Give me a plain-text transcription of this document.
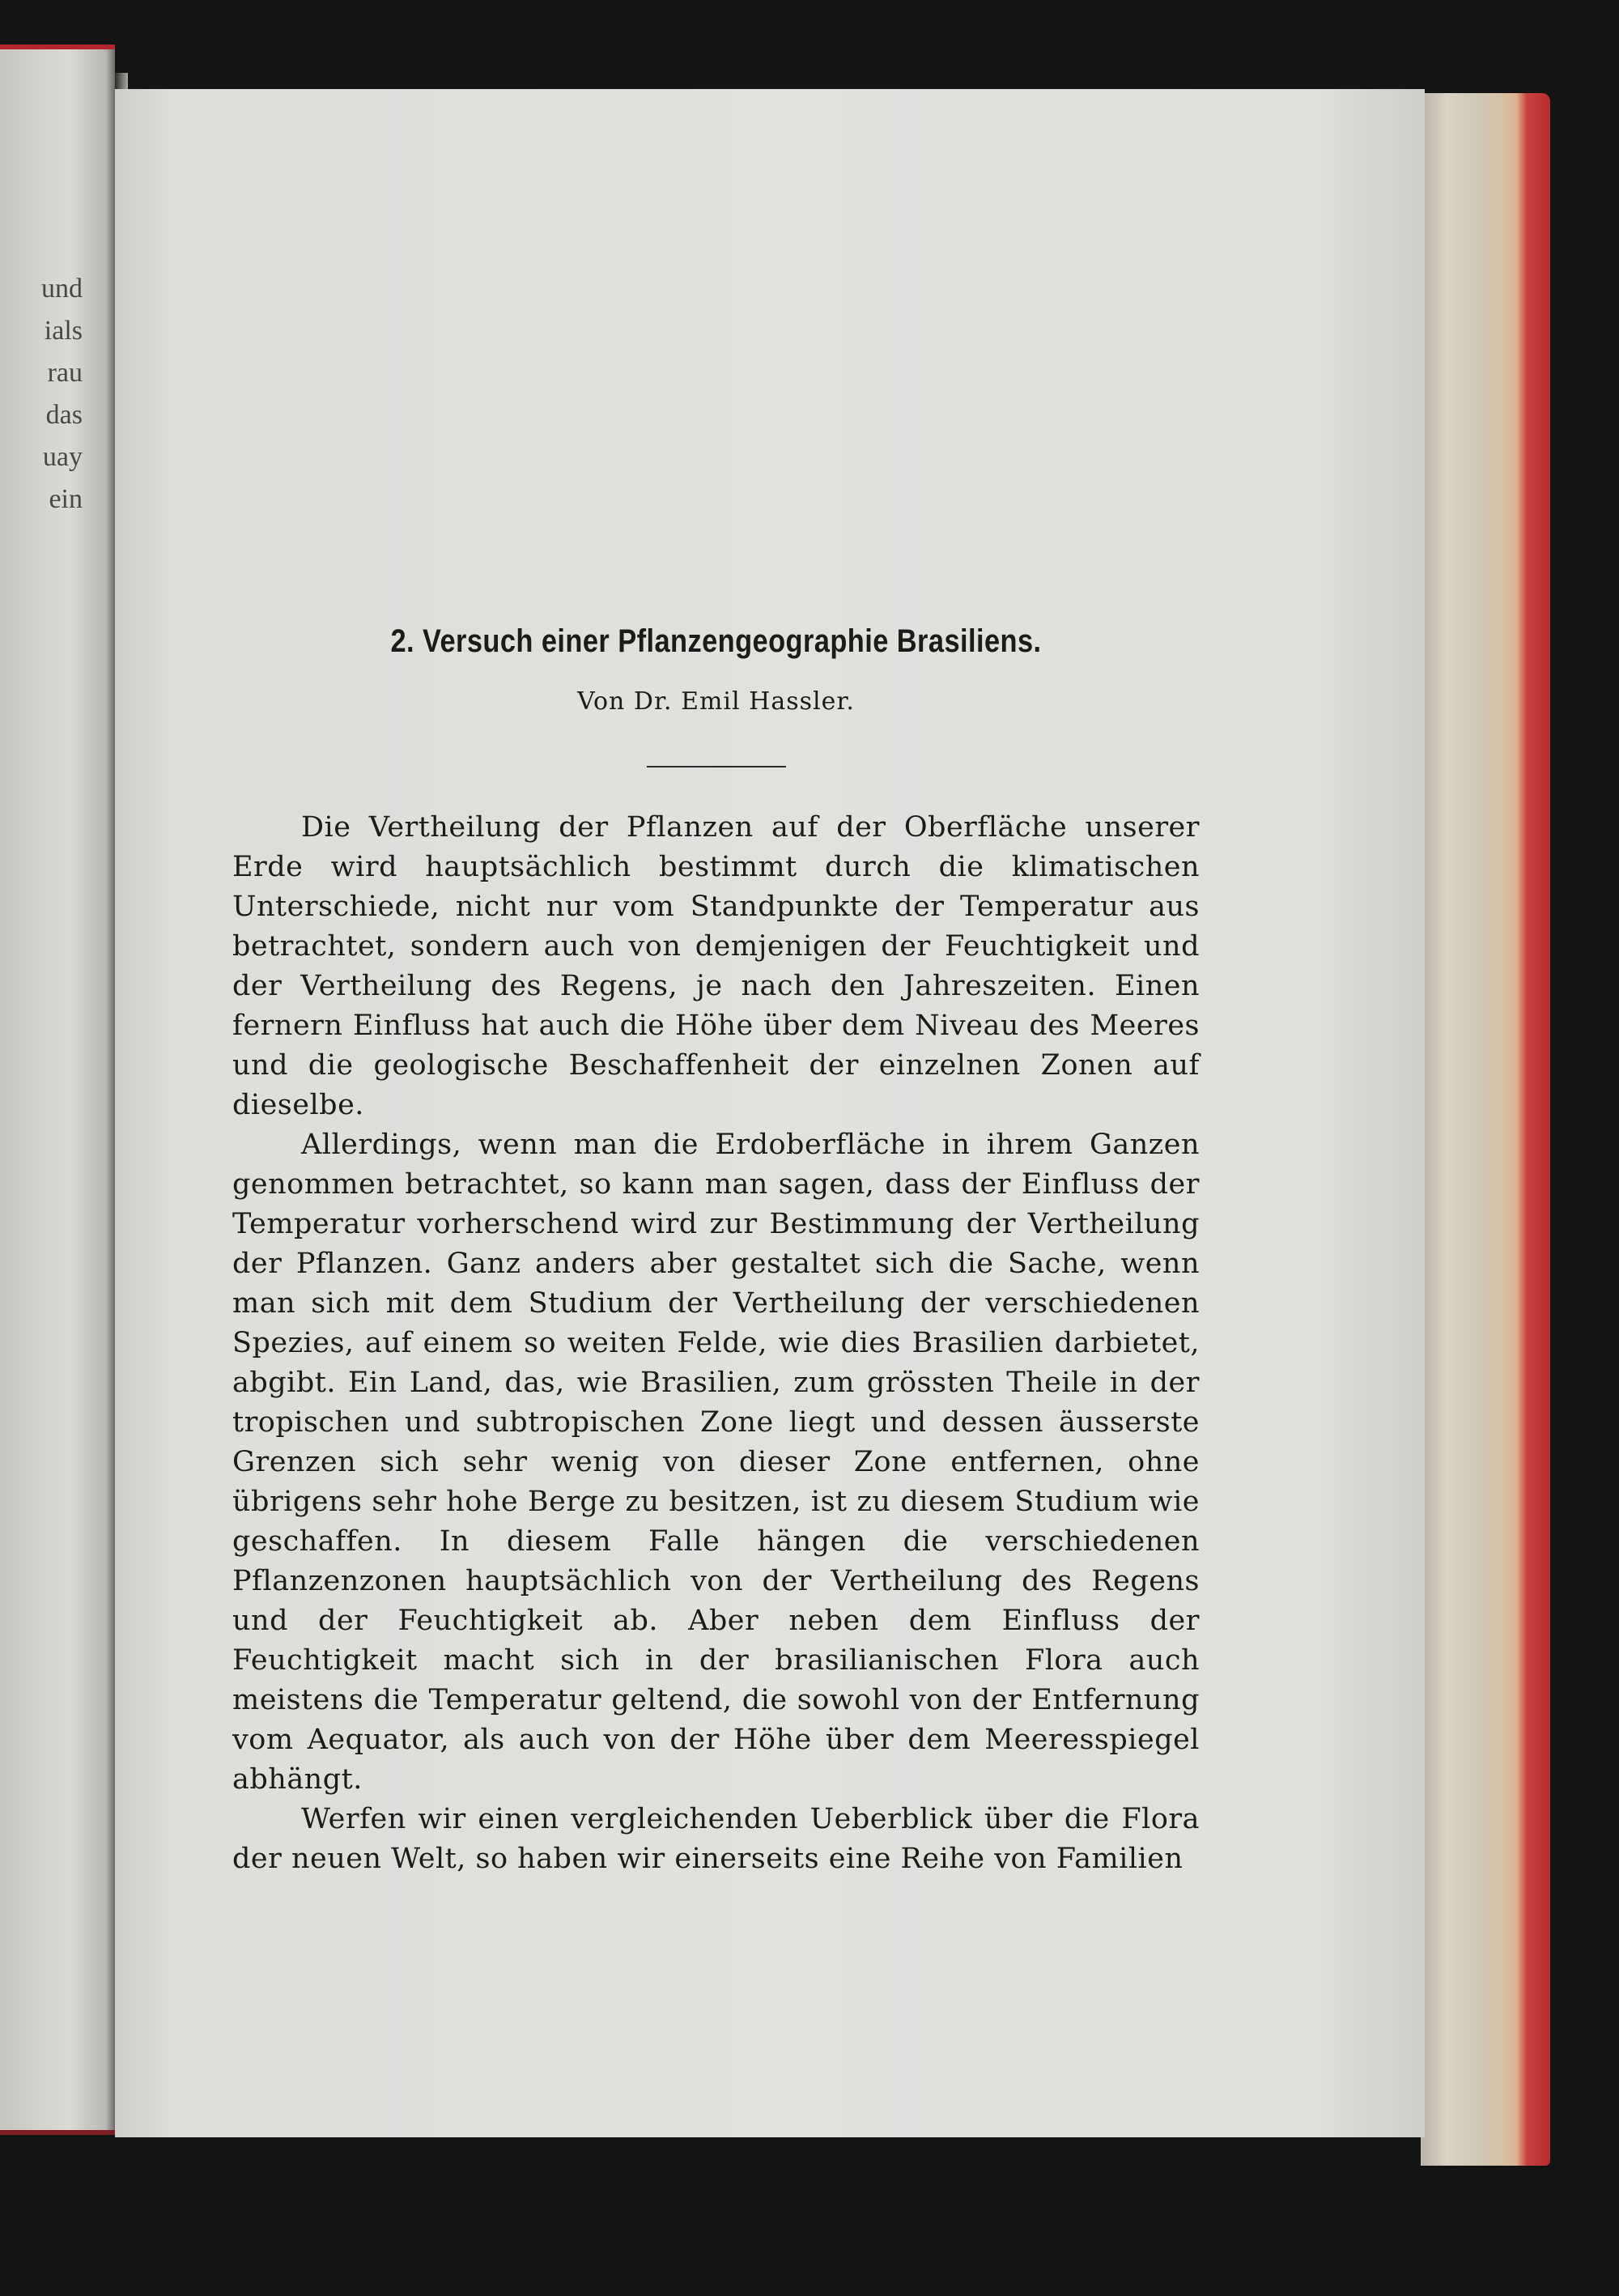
und
ials
rau
das
uay
ein
2. Versuch einer Pflanzengeographie Brasiliens.
Von Dr. Emil Hassler.

Die Vertheilung der Pflanzen auf der Oberfläche unserer Erde wird hauptsächlich bestimmt durch die klimatischen Unterschiede, nicht nur vom Standpunkte der Temperatur aus betrachtet, sondern auch von demjenigen der Feuchtigkeit und der Vertheilung des Regens, je nach den Jahreszeiten. Einen fernern Einfluss hat auch die Höhe über dem Niveau des Meeres und die geologische Beschaffenheit der einzelnen Zonen auf dieselbe.

Allerdings, wenn man die Erdoberfläche in ihrem Ganzen genommen betrachtet, so kann man sagen, dass der Einfluss der Temperatur vorherschend wird zur Bestimmung der Vertheilung der Pflanzen. Ganz anders aber gestaltet sich die Sache, wenn man sich mit dem Studium der Vertheilung der verschiedenen Spezies, auf einem so weiten Felde, wie dies Brasilien darbietet, abgibt. Ein Land, das, wie Brasilien, zum grössten Theile in der tropischen und subtropischen Zone liegt und dessen äusserste Grenzen sich sehr wenig von dieser Zone entfernen, ohne übrigens sehr hohe Berge zu besitzen, ist zu diesem Studium wie geschaffen. In diesem Falle hängen die verschiedenen Pflanzenzonen hauptsächlich von der Vertheilung des Regens und der Feuchtigkeit ab. Aber neben dem Einfluss der Feuchtigkeit macht sich in der brasilianischen Flora auch meistens die Temperatur geltend, die sowohl von der Entfernung vom Aequator, als auch von der Höhe über dem Meeresspiegel abhängt.

Werfen wir einen vergleichenden Ueberblick über die Flora der neuen Welt, so haben wir einerseits eine Reihe von Familien
